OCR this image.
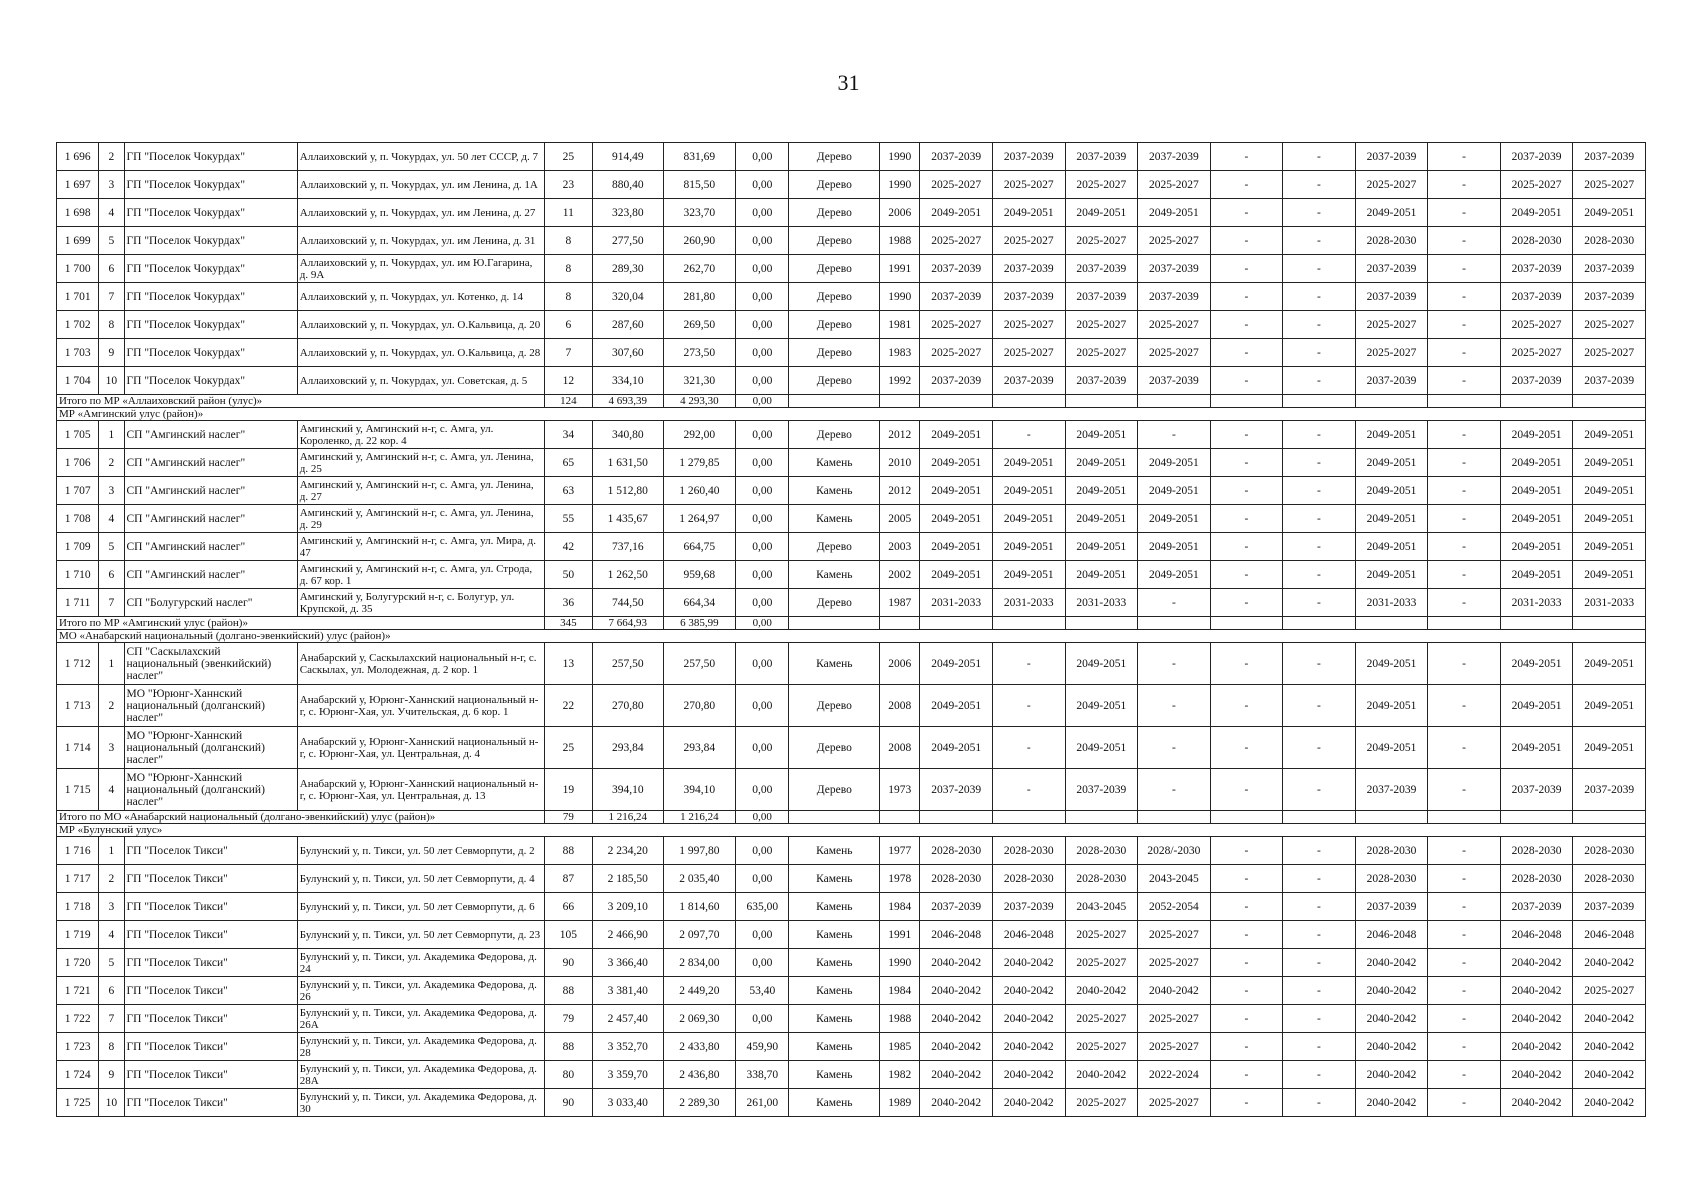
31
1 696	2	ГП "Поселок Чокурдах"	Аллаиховский у, п. Чокурдах, ул. 50 лет СССР, д. 7	25	914,49	831,69	0,00	Дерево	1990	2037-2039	2037-2039	2037-2039	2037-2039	-	-	2037-2039	-	2037-2039	2037-2039
1 697	3	ГП "Поселок Чокурдах"	Аллаиховский у, п. Чокурдах, ул. им Ленина, д. 1А	23	880,40	815,50	0,00	Дерево	1990	2025-2027	2025-2027	2025-2027	2025-2027	-	-	2025-2027	-	2025-2027	2025-2027
1 698	4	ГП "Поселок Чокурдах"	Аллаиховский у, п. Чокурдах, ул. им Ленина, д. 27	11	323,80	323,70	0,00	Дерево	2006	2049-2051	2049-2051	2049-2051	2049-2051	-	-	2049-2051	-	2049-2051	2049-2051
1 699	5	ГП "Поселок Чокурдах"	Аллаиховский у, п. Чокурдах, ул. им Ленина, д. 31	8	277,50	260,90	0,00	Дерево	1988	2025-2027	2025-2027	2025-2027	2025-2027	-	-	2028-2030	-	2028-2030	2028-2030
1 700	6	ГП "Поселок Чокурдах"	Аллаиховский у, п. Чокурдах, ул. им Ю.Гагарина, д. 9А	8	289,30	262,70	0,00	Дерево	1991	2037-2039	2037-2039	2037-2039	2037-2039	-	-	2037-2039	-	2037-2039	2037-2039
1 701	7	ГП "Поселок Чокурдах"	Аллаиховский у, п. Чокурдах, ул. Котенко, д. 14	8	320,04	281,80	0,00	Дерево	1990	2037-2039	2037-2039	2037-2039	2037-2039	-	-	2037-2039	-	2037-2039	2037-2039
1 702	8	ГП "Поселок Чокурдах"	Аллаиховский у, п. Чокурдах, ул. О.Кальвица, д. 20	6	287,60	269,50	0,00	Дерево	1981	2025-2027	2025-2027	2025-2027	2025-2027	-	-	2025-2027	-	2025-2027	2025-2027
1 703	9	ГП "Поселок Чокурдах"	Аллаиховский у, п. Чокурдах, ул. О.Кальвица, д. 28	7	307,60	273,50	0,00	Дерево	1983	2025-2027	2025-2027	2025-2027	2025-2027	-	-	2025-2027	-	2025-2027	2025-2027
1 704	10	ГП "Поселок Чокурдах"	Аллаиховский у, п. Чокурдах, ул. Советская, д. 5	12	334,10	321,30	0,00	Дерево	1992	2037-2039	2037-2039	2037-2039	2037-2039	-	-	2037-2039	-	2037-2039	2037-2039
Итого по МР «Аллаиховский район (улус)»				124	4 693,39	4 293,30	0,00												
МР «Амгинский улус (район)»																			
1 705	1	СП "Амгинский наслег"	Амгинский у, Амгинский н-г, с. Амга, ул. Короленко, д. 22 кор. 4	34	340,80	292,00	0,00	Дерево	2012	2049-2051	-	2049-2051	-	-	-	2049-2051	-	2049-2051	2049-2051
1 706	2	СП "Амгинский наслег"	Амгинский у, Амгинский н-г, с. Амга, ул. Ленина, д. 25	65	1 631,50	1 279,85	0,00	Камень	2010	2049-2051	2049-2051	2049-2051	2049-2051	-	-	2049-2051	-	2049-2051	2049-2051
1 707	3	СП "Амгинский наслег"	Амгинский у, Амгинский н-г, с. Амга, ул. Ленина, д. 27	63	1 512,80	1 260,40	0,00	Камень	2012	2049-2051	2049-2051	2049-2051	2049-2051	-	-	2049-2051	-	2049-2051	2049-2051
1 708	4	СП "Амгинский наслег"	Амгинский у, Амгинский н-г, с. Амга, ул. Ленина, д. 29	55	1 435,67	1 264,97	0,00	Камень	2005	2049-2051	2049-2051	2049-2051	2049-2051	-	-	2049-2051	-	2049-2051	2049-2051
1 709	5	СП "Амгинский наслег"	Амгинский у, Амгинский н-г, с. Амга, ул. Мира, д. 47	42	737,16	664,75	0,00	Дерево	2003	2049-2051	2049-2051	2049-2051	2049-2051	-	-	2049-2051	-	2049-2051	2049-2051
1 710	6	СП "Амгинский наслег"	Амгинский у, Амгинский н-г, с. Амга, ул. Строда, д. 67 кор. 1	50	1 262,50	959,68	0,00	Камень	2002	2049-2051	2049-2051	2049-2051	2049-2051	-	-	2049-2051	-	2049-2051	2049-2051
1 711	7	СП "Болугурский наслег"	Амгинский у, Болугурский н-г, с. Болугур, ул. Крупской, д. 35	36	744,50	664,34	0,00	Дерево	1987	2031-2033	2031-2033	2031-2033	-	-	-	2031-2033	-	2031-2033	2031-2033
Итого по МР «Амгинский улус (район)»				345	7 664,93	6 385,99	0,00												
МО «Анабарский национальный (долгано-эвенкийский) улус (район)»																			
1 712	1	СП "Саскылахский национальный (эвенкийский) наслег"	Анабарский у, Саскылахский национальный н-г, с. Саскылах, ул. Молодежная, д. 2 кор. 1	13	257,50	257,50	0,00	Камень	2006	2049-2051	-	2049-2051	-	-	-	2049-2051	-	2049-2051	2049-2051
1 713	2	МО "Юрюнг-Ханнский национальный (долганский) наслег"	Анабарский у, Юрюнг-Ханнский национальный н-г, с. Юрюнг-Хая, ул. Учительская, д. 6 кор. 1	22	270,80	270,80	0,00	Дерево	2008	2049-2051	-	2049-2051	-	-	-	2049-2051	-	2049-2051	2049-2051
1 714	3	МО "Юрюнг-Ханнский национальный (долганский) наслег"	Анабарский у, Юрюнг-Ханнский национальный н-г, с. Юрюнг-Хая, ул. Центральная, д. 4	25	293,84	293,84	0,00	Дерево	2008	2049-2051	-	2049-2051	-	-	-	2049-2051	-	2049-2051	2049-2051
1 715	4	МО "Юрюнг-Ханнский национальный (долганский) наслег"	Анабарский у, Юрюнг-Ханнский национальный н-г, с. Юрюнг-Хая, ул. Центральная, д. 13	19	394,10	394,10	0,00	Дерево	1973	2037-2039	-	2037-2039	-	-	-	2037-2039	-	2037-2039	2037-2039
Итого по МО «Анабарский национальный (долгано-эвенкийский) улус (район)»				79	1 216,24	1 216,24	0,00												
МР «Булунский улус»																			
1 716	1	ГП "Поселок Тикси"	Булунский у, п. Тикси, ул. 50 лет Севморпути, д. 2	88	2 234,20	1 997,80	0,00	Камень	1977	2028-2030	2028-2030	2028-2030	2028/-2030	-	-	2028-2030	-	2028-2030	2028-2030
1 717	2	ГП "Поселок Тикси"	Булунский у, п. Тикси, ул. 50 лет Севморпути, д. 4	87	2 185,50	2 035,40	0,00	Камень	1978	2028-2030	2028-2030	2028-2030	2043-2045	-	-	2028-2030	-	2028-2030	2028-2030
1 718	3	ГП "Поселок Тикси"	Булунский у, п. Тикси, ул. 50 лет Севморпути, д. 6	66	3 209,10	1 814,60	635,00	Камень	1984	2037-2039	2037-2039	2043-2045	2052-2054	-	-	2037-2039	-	2037-2039	2037-2039
1 719	4	ГП "Поселок Тикси"	Булунский у, п. Тикси, ул. 50 лет Севморпути, д. 23	105	2 466,90	2 097,70	0,00	Камень	1991	2046-2048	2046-2048	2025-2027	2025-2027	-	-	2046-2048	-	2046-2048	2046-2048
1 720	5	ГП "Поселок Тикси"	Булунский у, п. Тикси, ул. Академика Федорова, д. 24	90	3 366,40	2 834,00	0,00	Камень	1990	2040-2042	2040-2042	2025-2027	2025-2027	-	-	2040-2042	-	2040-2042	2040-2042
1 721	6	ГП "Поселок Тикси"	Булунский у, п. Тикси, ул. Академика Федорова, д. 26	88	3 381,40	2 449,20	53,40	Камень	1984	2040-2042	2040-2042	2040-2042	2040-2042	-	-	2040-2042	-	2040-2042	2025-2027
1 722	7	ГП "Поселок Тикси"	Булунский у, п. Тикси, ул. Академика Федорова, д. 26А	79	2 457,40	2 069,30	0,00	Камень	1988	2040-2042	2040-2042	2025-2027	2025-2027	-	-	2040-2042	-	2040-2042	2040-2042
1 723	8	ГП "Поселок Тикси"	Булунский у, п. Тикси, ул. Академика Федорова, д. 28	88	3 352,70	2 433,80	459,90	Камень	1985	2040-2042	2040-2042	2025-2027	2025-2027	-	-	2040-2042	-	2040-2042	2040-2042
1 724	9	ГП "Поселок Тикси"	Булунский у, п. Тикси, ул. Академика Федорова, д. 28А	80	3 359,70	2 436,80	338,70	Камень	1982	2040-2042	2040-2042	2040-2042	2022-2024	-	-	2040-2042	-	2040-2042	2040-2042
1 725	10	ГП "Поселок Тикси"	Булунский у, п. Тикси, ул. Академика Федорова, д. 30	90	3 033,40	2 289,30	261,00	Камень	1989	2040-2042	2040-2042	2025-2027	2025-2027	-	-	2040-2042	-	2040-2042	2040-2042
